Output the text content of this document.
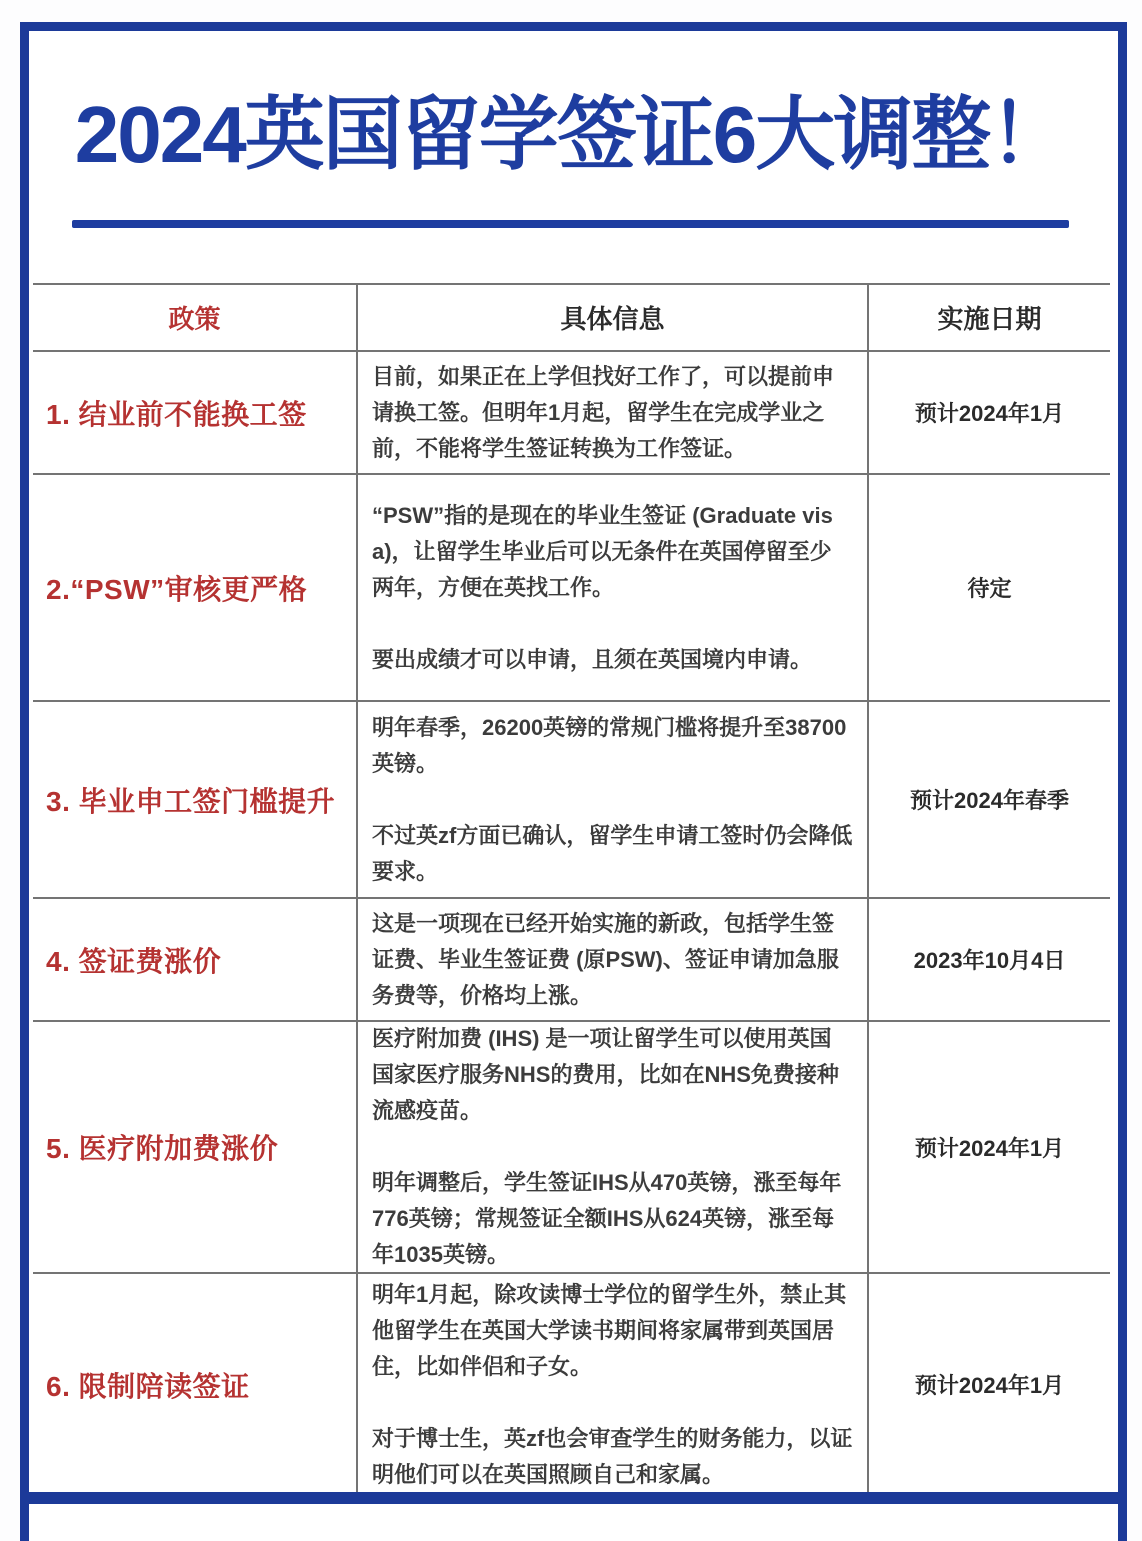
2024英国留学签证6大调整！
政策	具体信息	实施日期
1. 结业前不能换工签

目前，如果正在上学但找好工作了，可以提前申请换工签。但明年1月起，留学生在完成学业之前，不能将学生签证转换为工作签证。

预计2024年1月
2.“PSW”审核更严格

“PSW”指的是现在的毕业生签证 (Graduate visa)，让留学生毕业后可以无条件在英国停留至少两年，方便在英找工作。

要出成绩才可以申请，且须在英国境内申请。

待定
3. 毕业申工签门槛提升

明年春季，26200英镑的常规门槛将提升至38700英镑。

不过英zf方面已确认，留学生申请工签时仍会降低要求。

预计2024年春季
4. 签证费涨价

这是一项现在已经开始实施的新政，包括学生签证费、毕业生签证费 (原PSW)、签证申请加急服务费等，价格均上涨。

2023年10月4日
5. 医疗附加费涨价

医疗附加费 (IHS) 是一项让留学生可以使用英国国家医疗服务NHS的费用，比如在NHS免费接种流感疫苗。

明年调整后，学生签证IHS从470英镑，涨至每年776英镑；常规签证全额IHS从624英镑，涨至每年1035英镑。

预计2024年1月
6. 限制陪读签证

明年1月起，除攻读博士学位的留学生外，禁止其他留学生在英国大学读书期间将家属带到英国居住，比如伴侣和子女。

对于博士生，英zf也会审查学生的财务能力，以证明他们可以在英国照顾自己和家属。

预计2024年1月
